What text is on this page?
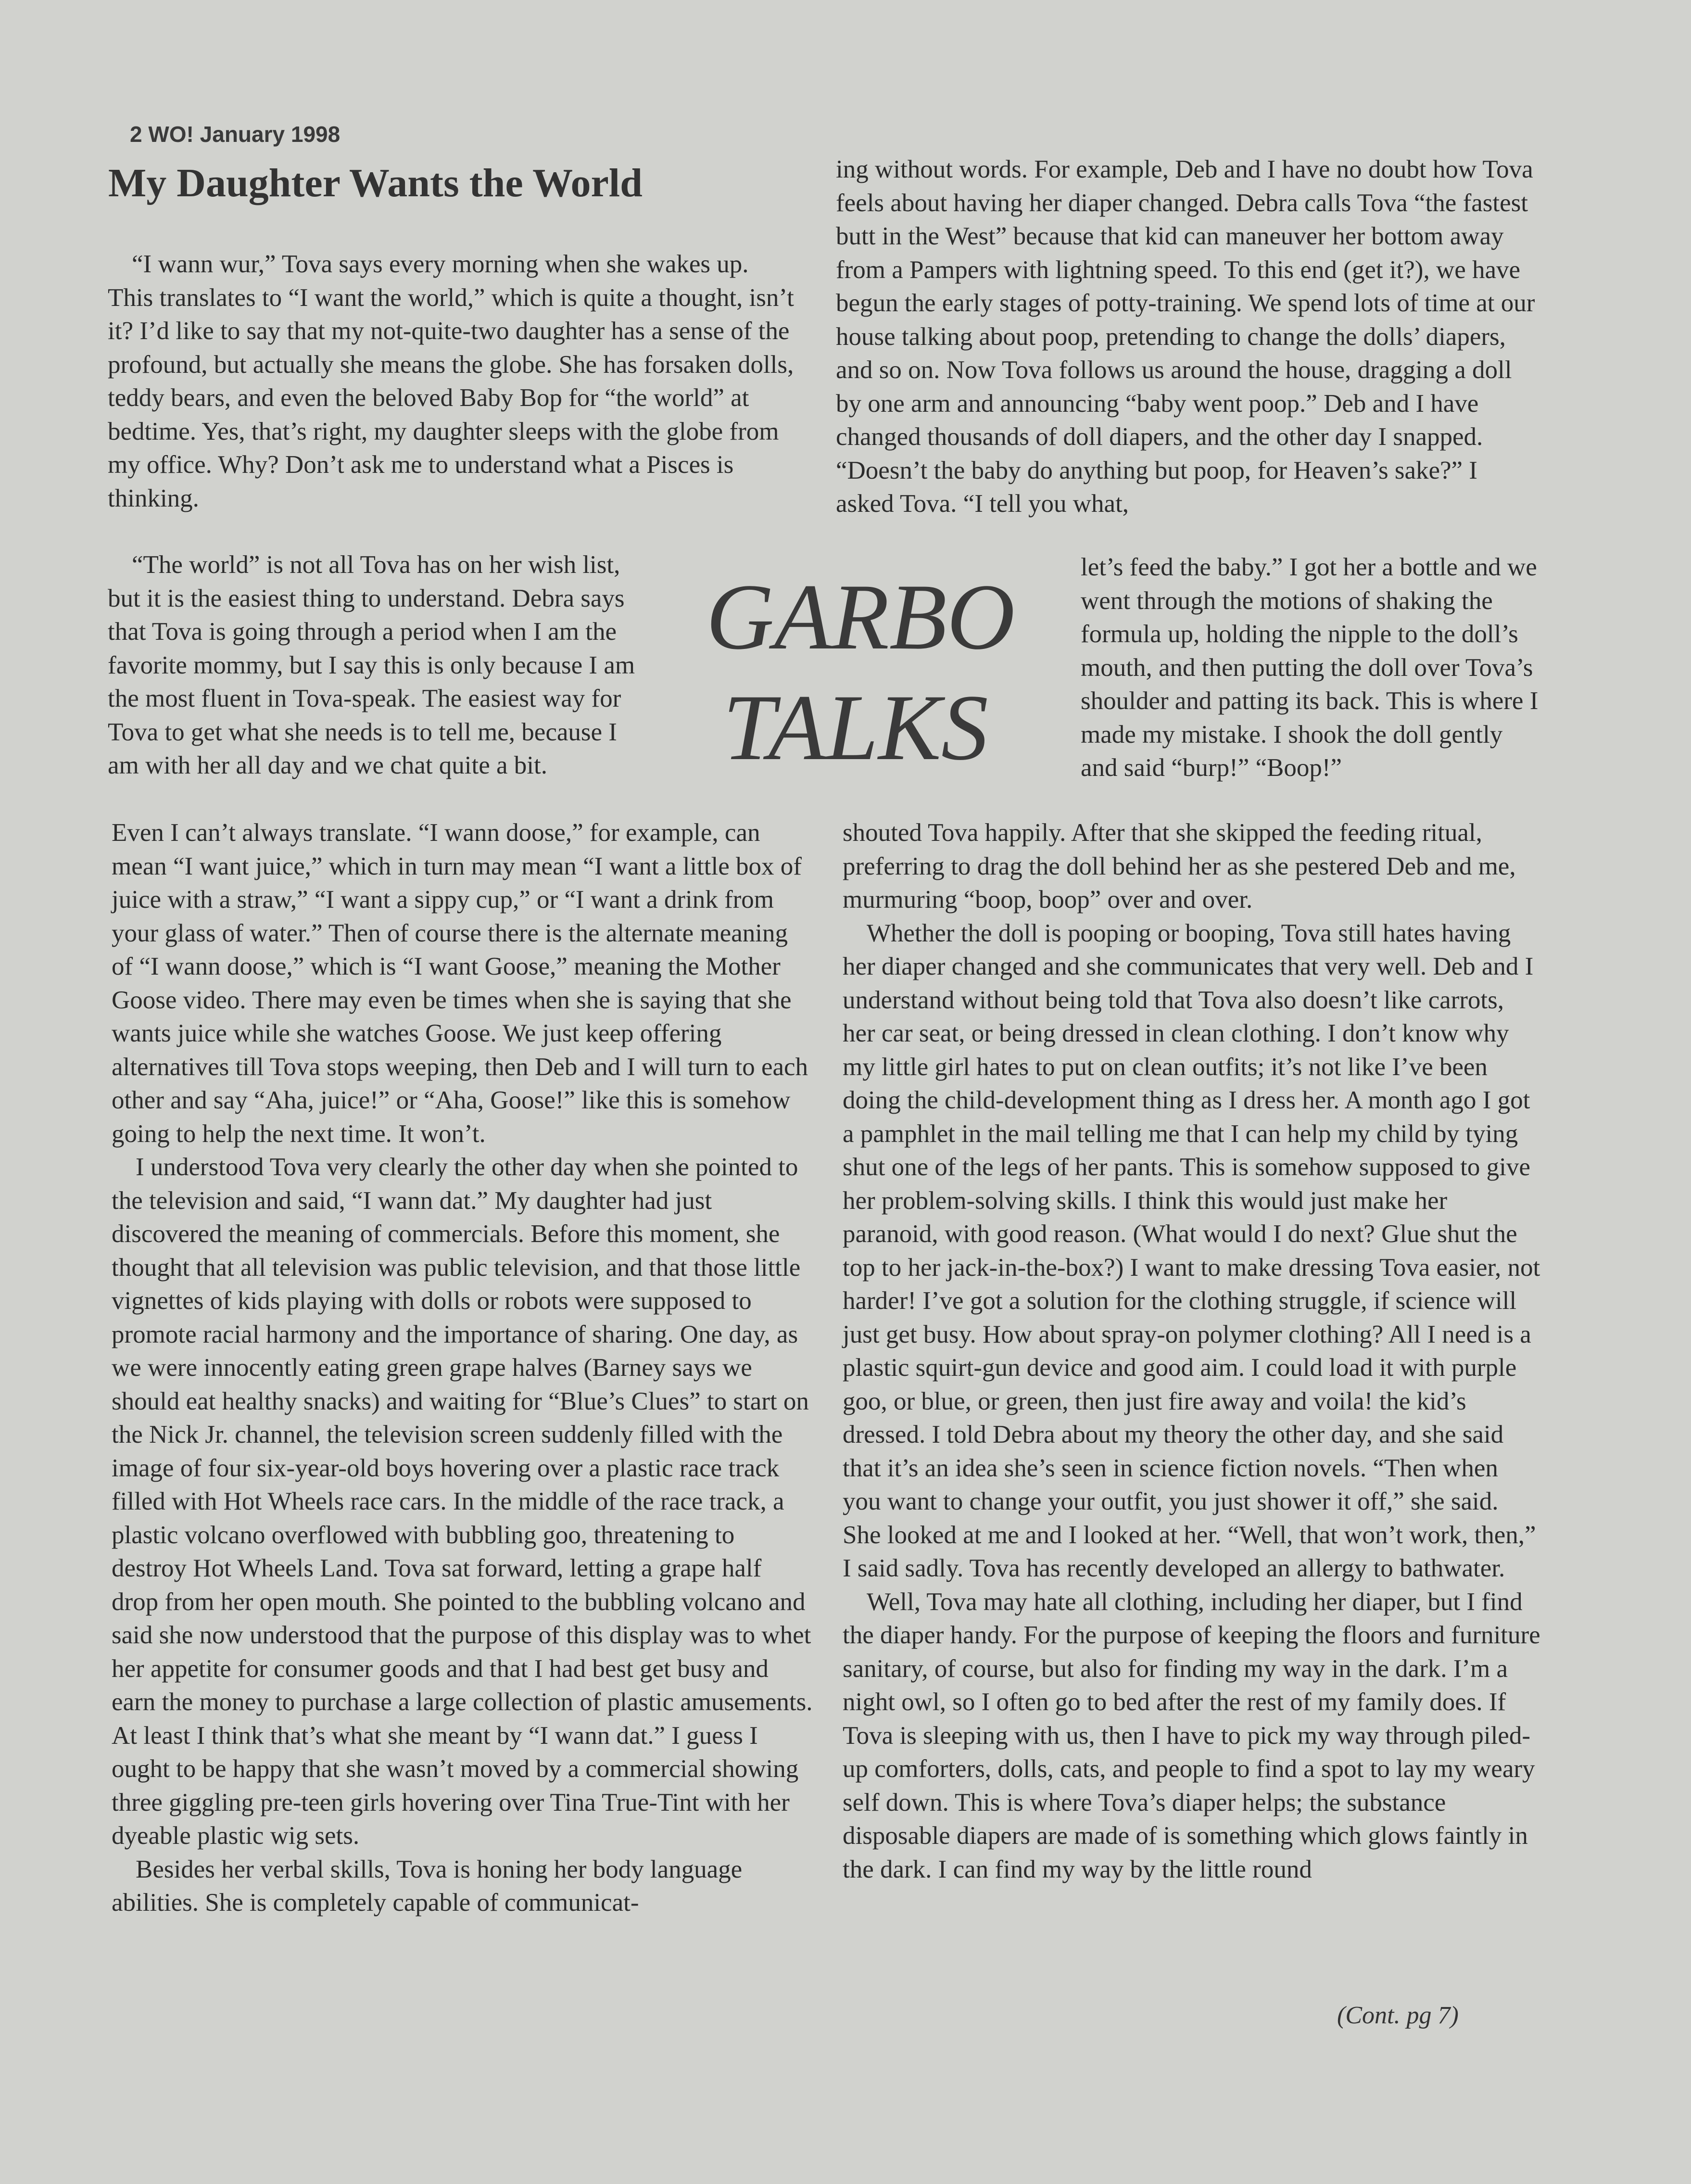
2 WO! January 1998
My Daughter Wants the World

“I wann wur,” Tova says every morning when she wakes up. This translates to “I want the world,” which is quite a thought, isn’t it? I’d like to say that my not-quite-two daughter has a sense of the profound, but actually she means the globe. She has forsaken dolls, teddy bears, and even the beloved Baby Bop for “the world” at bedtime. Yes, that’s right, my daughter sleeps with the globe from my office. Why? Don’t ask me to understand what a Pisces is thinking.

“The world” is not all Tova has on her wish list, but it is the easiest thing to understand. Debra says that Tova is going through a period when I am the favorite mommy, but I say this is only because I am the most fluent in Tova-speak. The easiest way for Tova to get what she needs is to tell me, because I am with her all day and we chat quite a bit.

GARBO
TALKS

Even I can’t always translate. “I wann doose,” for example, can mean “I want juice,” which in turn may mean “I want a little box of juice with a straw,” “I want a sippy cup,” or “I want a drink from your glass of water.” Then of course there is the alternate meaning of “I wann doose,” which is “I want Goose,” meaning the Mother Goose video. There may even be times when she is saying that she wants juice while she watches Goose. We just keep offering alternatives till Tova stops weeping, then Deb and I will turn to each other and say “Aha, juice!” or “Aha, Goose!” like this is somehow going to help the next time. It won’t.

I understood Tova very clearly the other day when she pointed to the television and said, “I wann dat.” My daughter had just discovered the meaning of commercials. Before this moment, she thought that all television was public television, and that those little vignettes of kids playing with dolls or robots were supposed to promote racial harmony and the importance of sharing. One day, as we were innocently eating green grape halves (Barney says we should eat healthy snacks) and waiting for “Blue’s Clues” to start on the Nick Jr. channel, the television screen suddenly filled with the image of four six-year-old boys hovering over a plastic race track filled with Hot Wheels race cars. In the middle of the race track, a plastic volcano overflowed with bubbling goo, threatening to destroy Hot Wheels Land. Tova sat forward, letting a grape half drop from her open mouth. She pointed to the bubbling volcano and said she now understood that the purpose of this display was to whet her appetite for consumer goods and that I had best get busy and earn the money to purchase a large collection of plastic amusements. At least I think that’s what she meant by “I wann dat.” I guess I ought to be happy that she wasn’t moved by a commercial showing three giggling pre-teen girls hovering over Tina True-Tint with her dyeable plastic wig sets.

Besides her verbal skills, Tova is honing her body language abilities. She is completely capable of communicat-

ing without words. For example, Deb and I have no doubt how Tova feels about having her diaper changed. Debra calls Tova “the fastest butt in the West” because that kid can maneuver her bottom away from a Pampers with lightning speed. To this end (get it?), we have begun the early stages of potty-training. We spend lots of time at our house talking about poop, pretending to change the dolls’ diapers, and so on. Now Tova follows us around the house, dragging a doll by one arm and announcing “baby went poop.” Deb and I have changed thousands of doll diapers, and the other day I snapped. “Doesn’t the baby do anything but poop, for Heaven’s sake?” I asked Tova. “I tell you what,

let’s feed the baby.” I got her a bottle and we went through the motions of shaking the formula up, holding the nipple to the doll’s mouth, and then putting the doll over Tova’s shoulder and patting its back. This is where I made my mistake. I shook the doll gently and said “burp!” “Boop!”

shouted Tova happily. After that she skipped the feeding ritual, preferring to drag the doll behind her as she pestered Deb and me, murmuring “boop, boop” over and over.

Whether the doll is pooping or booping, Tova still hates having her diaper changed and she communicates that very well. Deb and I understand without being told that Tova also doesn’t like carrots, her car seat, or being dressed in clean clothing. I don’t know why my little girl hates to put on clean outfits; it’s not like I’ve been doing the child-development thing as I dress her. A month ago I got a pamphlet in the mail telling me that I can help my child by tying shut one of the legs of her pants. This is somehow supposed to give her problem-solving skills. I think this would just make her paranoid, with good reason. (What would I do next? Glue shut the top to her jack-in-the-box?) I want to make dressing Tova easier, not harder! I’ve got a solution for the clothing struggle, if science will just get busy. How about spray-on polymer clothing? All I need is a plastic squirt-gun device and good aim. I could load it with purple goo, or blue, or green, then just fire away and voila! the kid’s dressed. I told Debra about my theory the other day, and she said that it’s an idea she’s seen in science fiction novels. “Then when you want to change your outfit, you just shower it off,” she said. She looked at me and I looked at her. “Well, that won’t work, then,” I said sadly. Tova has recently developed an allergy to bathwater.

Well, Tova may hate all clothing, including her diaper, but I find the diaper handy. For the purpose of keeping the floors and furniture sanitary, of course, but also for finding my way in the dark. I’m a night owl, so I often go to bed after the rest of my family does. If Tova is sleeping with us, then I have to pick my way through piled-up comforters, dolls, cats, and people to find a spot to lay my weary self down. This is where Tova’s diaper helps; the substance disposable diapers are made of is something which glows faintly in the dark. I can find my way by the little round

(Cont. pg 7)
